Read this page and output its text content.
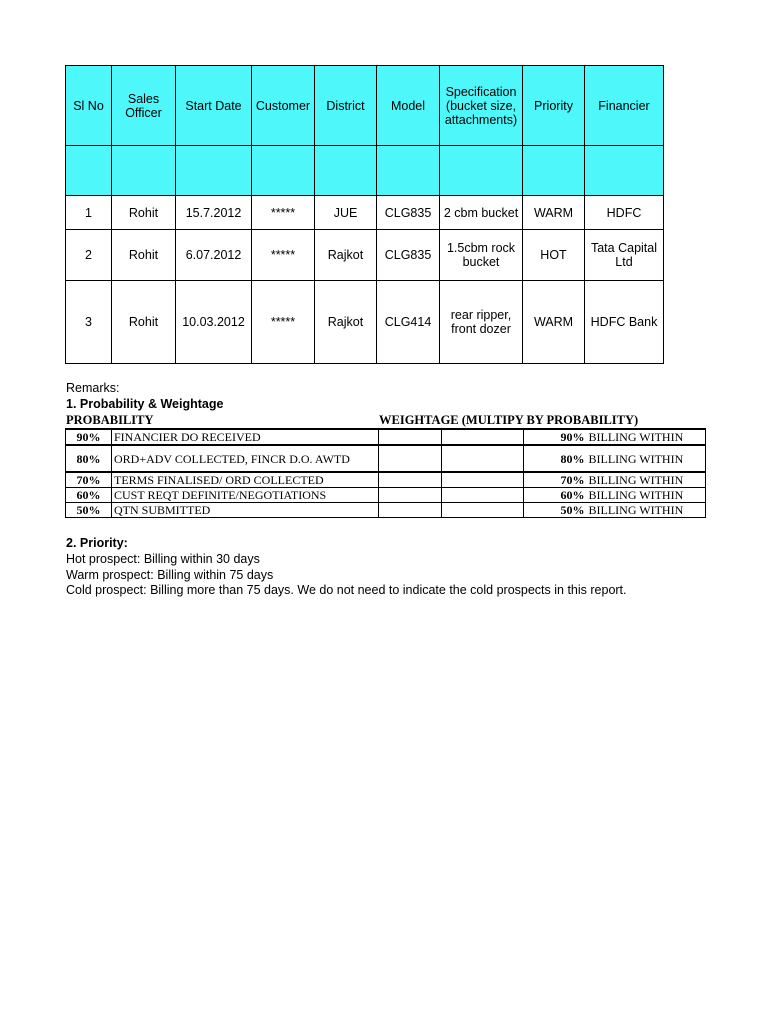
Sl No	Sales Officer	Start Date	Customer	District	Model	Specification (bucket size, attachments)	Priority	Financier

1	Rohit	15.7.2012	*****	JUE	CLG835	2 cbm bucket	WARM	HDFC
2	Rohit	6.07.2012	*****	Rajkot	CLG835	1.5cbm rock bucket	HOT	Tata Capital Ltd
3	Rohit	10.03.2012	*****	Rajkot	CLG414	rear ripper, front dozer	WARM	HDFC Bank
Remarks:
1. Probability & Weightage
PROBABILITY	WEIGHTAGE (MULTIPY BY PROBABILITY)
90%	FINANCIER DO RECEIVED			90%	BILLING WITHIN
80%	ORD+ADV COLLECTED, FINCR D.O. AWTD			80%	BILLING WITHIN
70%	TERMS FINALISED/ ORD COLLECTED			70%	BILLING WITHIN
60%	CUST REQT DEFINITE/NEGOTIATIONS			60%	BILLING WITHIN
50%	QTN SUBMITTED			50%	BILLING WITHIN
2. Priority:
Hot prospect: Billing within 30 days
Warm prospect: Billing within 75 days
Cold prospect: Billing more than 75 days. We do not need to indicate the cold prospects in this report.
